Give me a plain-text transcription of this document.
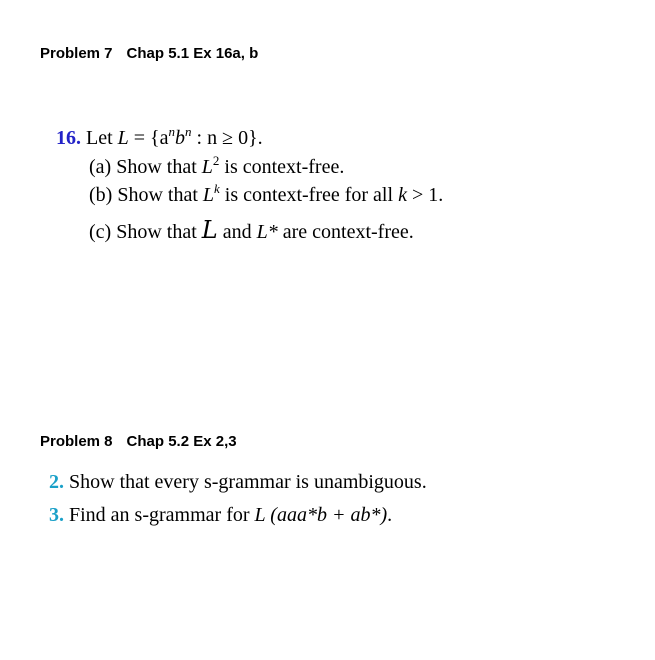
Problem 7 Chap 5.1 Ex 16a, b
16. Let $L = \{a^nb^n$ : n ≥ 0}.
(a) Show that $L^2$ is context-free.
(b) Show that $L^k$ is context-free for all k > 1.
(c) Show that L and L* are context-free.
Problem 8 Chap 5.2 Ex 2,3
2. Show that every s-grammar is unambiguous.
3. Find an s-grammar for L (aaa*b + ab*).
